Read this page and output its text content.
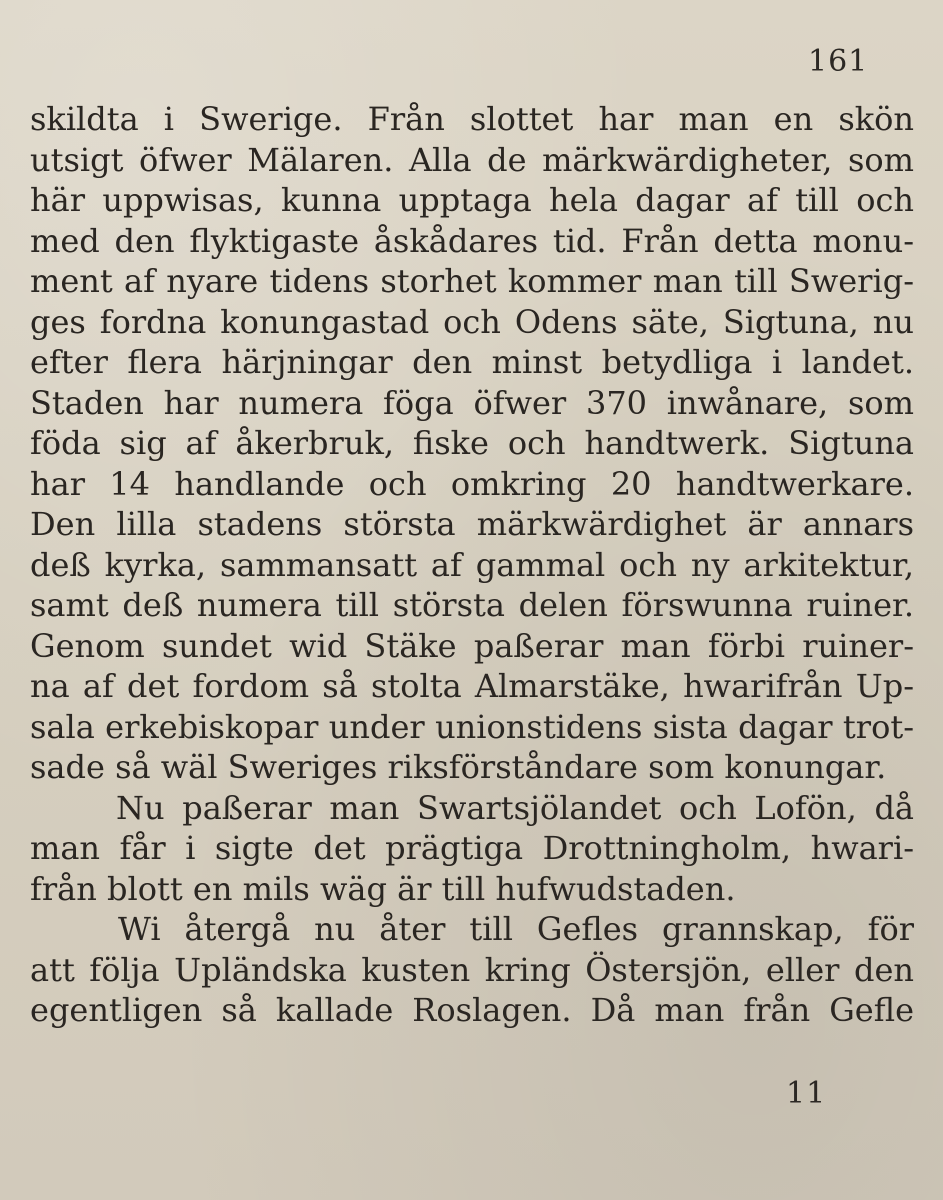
161
skildta i Swerige. Från slottet har man en skön
utsigt öfwer Mälaren. Alla de märkwärdigheter, som
här uppwisas, kunna upptaga hela dagar af till och
med den flyktigaste åskådares tid. Från detta monu-
ment af nyare tidens storhet kommer man till Swerig-
ges fordna konungastad och Odens säte, Sigtuna, nu
efter flera härjningar den minst betydliga i landet.
Staden har numera föga öfwer 370 inwånare, som
föda sig af åkerbruk, fiske och handtwerk. Sigtuna
har 14 handlande och omkring 20 handtwerkare.
Den lilla stadens största märkwärdighet är annars
deß kyrka, sammansatt af gammal och ny arkitektur,
samt deß numera till största delen förswunna ruiner.
Genom sundet wid Stäke paßerar man förbi ruiner-
na af det fordom så stolta Almarstäke, hwarifrån Up-
sala erkebiskopar under unionstidens sista dagar trot-
sade så wäl Sweriges riksförståndare som konungar.
Nu paßerar man Swartsjölandet och Lofön, då
man får i sigte det prägtiga Drottningholm, hwari-
från blott en mils wäg är till hufwudstaden.
Wi återgå nu åter till Gefles grannskap, för
att följa Upländska kusten kring Östersjön, eller den
egentligen så kallade Roslagen. Då man från Gefle
11
